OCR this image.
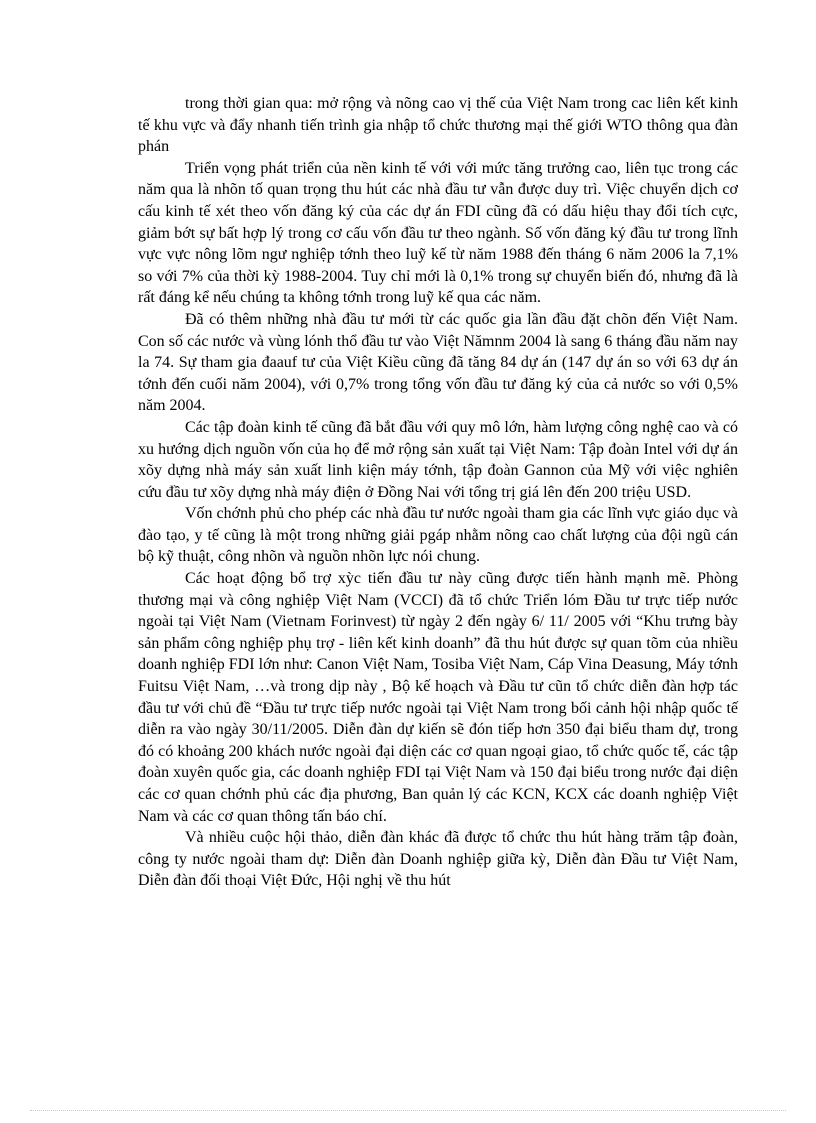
trong thời gian qua: mở rộng và nõng cao vị thế của Việt Nam trong cac liên kết kinh tế khu vực và đẩy nhanh tiến trình gia nhập tổ chức thương mại thế giới WTO thông qua đàn phán

Triển vọng phát triển của nền kinh tế với với mức tăng trưởng cao, liên tục trong các năm qua là nhõn tố quan trọng thu hút các nhà đầu tư vẫn được duy trì. Việc chuyển dịch cơ cấu kinh tế xét theo vốn đăng ký của các dự án FDI cũng đã có dấu hiệu thay đổi tích cực, giảm bớt sự bất hợp lý trong cơ cấu vốn đầu tư theo ngành. Số vốn đăng ký đầu tư trong lĩnh vực vực nông lõm ngư nghiệp tớnh theo luỹ kế từ năm 1988 đến tháng 6 năm 2006 la 7,1% so với 7% của thời kỳ 1988-2004. Tuy chỉ mới là 0,1% trong sự chuyển biến đó, nhưng đã là rất đáng kể nếu chúng ta không tớnh trong luỹ kế qua các năm.

Đã có thêm những nhà đầu tư mới từ các quốc gia lần đầu đặt chõn đến Việt Nam. Con số các nước và vùng lónh thổ đầu tư vào Việt Nămnm 2004 là sang 6 tháng đầu năm nay la 74. Sự tham gia đaauf tư của Việt Kiều cũng đã tăng 84 dự án (147 dự án so với 63 dự án tớnh đến cuối năm 2004), với 0,7% trong tổng vốn đầu tư đăng ký của cả nước so với 0,5% năm 2004.

Các tập đoàn kinh tế cũng đã bắt đầu với quy mô lớn, hàm lượng công nghệ cao và có xu hướng dịch nguồn vốn của họ để mở rộng sản xuất tại Việt Nam: Tập đoàn Intel với dự án xõy dựng nhà máy sản xuất linh kiện máy tớnh, tập đoàn Gannon của Mỹ với việc nghiên cứu đầu tư xõy dựng nhà máy điện ở Đồng Nai với tổng trị giá lên đến 200 triệu USD.

Vốn chớnh phủ cho phép các nhà đầu tư nước ngoài tham gia các lĩnh vực giáo dục và đào tạo, y tế cũng là một trong những giải pgáp nhằm nõng cao chất lượng của đội ngũ cán bộ kỹ thuật, công nhõn và nguồn nhõn lực nói chung.

Các hoạt động bổ trợ xỳc tiến đầu tư này cũng được tiến hành mạnh mẽ. Phòng thương mại và công nghiệp Việt Nam (VCCI) đã tổ chức Triển lóm Đầu tư trực tiếp nước ngoài tại Việt Nam (Vietnam Forinvest) từ ngày 2 đến ngày 6/ 11/ 2005 với “Khu trưng bày sản phẩm công nghiệp phụ trợ - liên kết kinh doanh” đã thu hút được sự quan tõm của nhiều doanh nghiệp FDI lớn như: Canon Việt Nam, Tosiba Việt Nam, Cáp Vina Deasung, Máy tớnh Fuitsu Việt Nam, …và trong dịp này , Bộ kế hoạch và Đầu tư cũn tổ chức diễn đàn hợp tác đầu tư với chủ đề “Đầu tư trực tiếp nước ngoài tại Việt Nam trong bối cảnh hội nhập quốc tế diễn ra vào ngày 30/11/2005. Diễn đàn dự kiến sẽ đón tiếp hơn 350 đại biểu tham dự, trong đó có khoảng 200 khách nước ngoài đại diện các cơ quan ngoại giao, tổ chức quốc tế, các tập đoàn xuyên quốc gia, các doanh nghiệp FDI tại Việt Nam và 150 đại biểu trong nước đại diện các cơ quan chớnh phủ các địa phương, Ban quản lý các KCN, KCX các doanh nghiệp Việt Nam và các cơ quan thông tấn báo chí.

Và nhiều cuộc hội thảo, diễn đàn khác đã được tổ chức thu hút hàng trăm tập đoàn, công ty nước ngoài tham dự: Diễn đàn Doanh nghiệp giữa kỳ, Diễn đàn Đầu tư Việt Nam, Diễn đàn đối thoại Việt Đức, Hội nghị về thu hút
